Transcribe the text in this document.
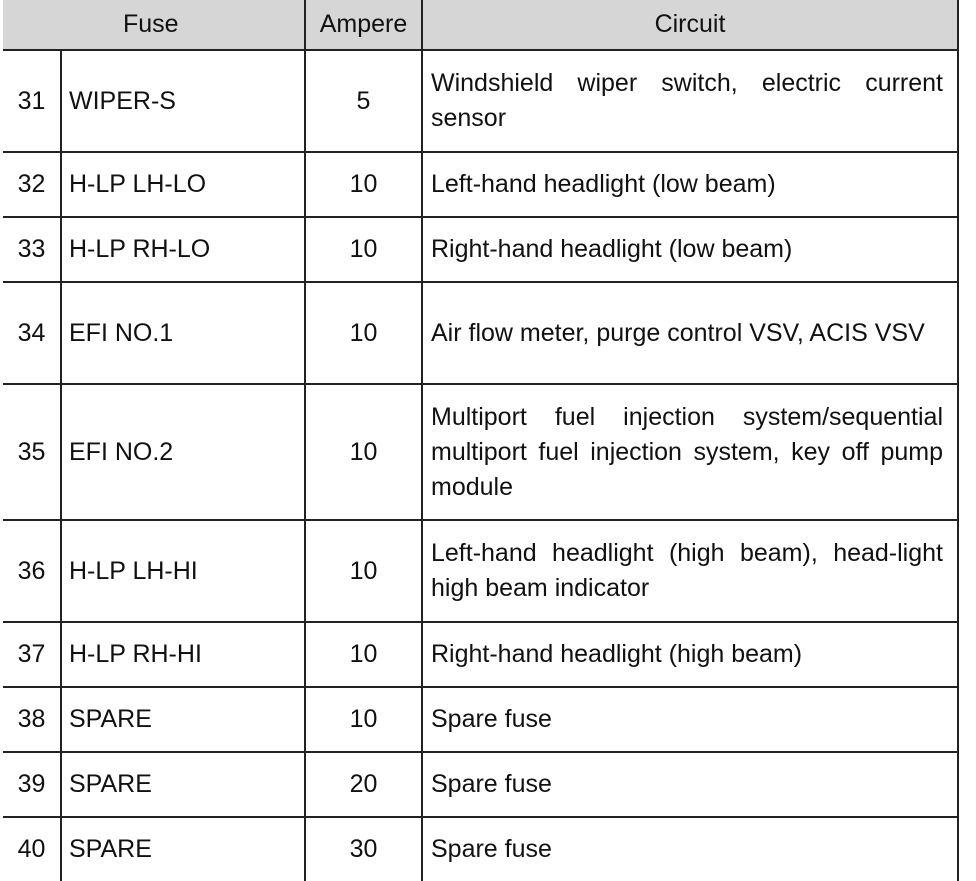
Fuse		Ampere	Circuit
31	WIPER-S	5	Windshield wiper switch, electric current sensor
32	H-LP LH-LO	10	Left-hand headlight (low beam)
33	H-LP RH-LO	10	Right-hand headlight (low beam)
34	EFI NO.1	10	Air flow meter, purge control VSV, ACIS VSV
35	EFI NO.2	10	Multiport fuel injection system/sequential multiport fuel injection system, key off pump module
36	H-LP LH-HI	10	Left-hand headlight (high beam), head-light high beam indicator
37	H-LP RH-HI	10	Right-hand headlight (high beam)
38	SPARE	10	Spare fuse
39	SPARE	20	Spare fuse
40	SPARE	30	Spare fuse
